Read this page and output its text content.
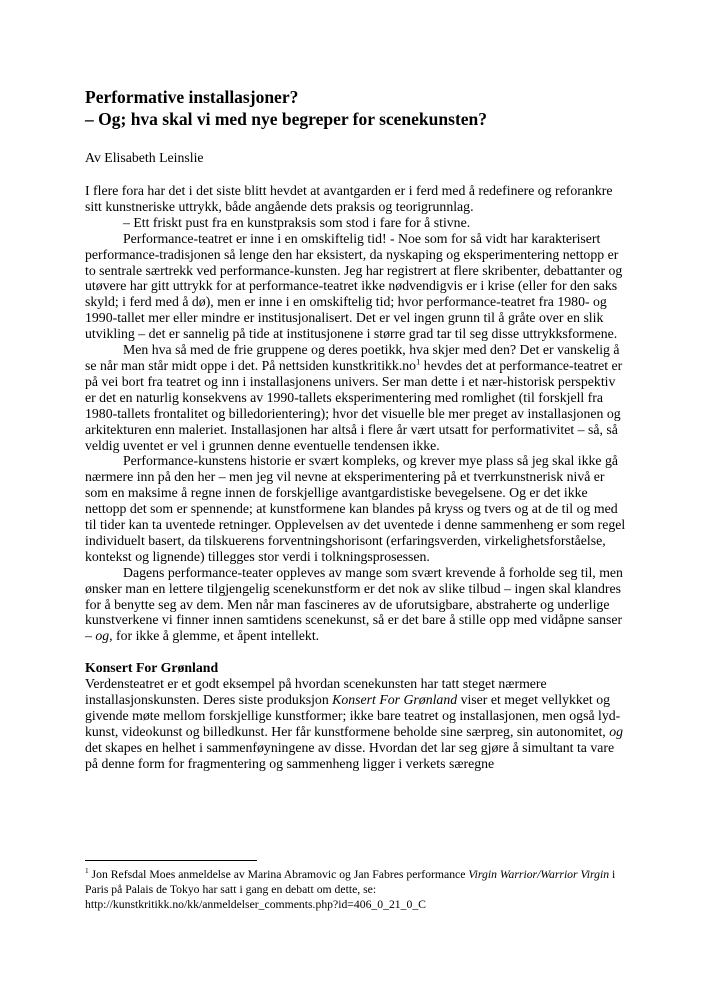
Performative installasjoner?
– Og; hva skal vi med nye begreper for scenekunsten?

Av Elisabeth Leinslie

I flere fora har det i det siste blitt hevdet at avantgarden er i ferd med å redefinere og reforankre sitt kunstneriske uttrykk, både angående dets praksis og teorigrunnlag.

– Ett friskt pust fra en kunstpraksis som stod i fare for å stivne.

Performance-teatret er inne i en omskiftelig tid! - Noe som for så vidt har karakterisert performance-tradisjonen så lenge den har eksistert, da nyskaping og eksperimentering nettopp er to sentrale særtrekk ved performance-kunsten. Jeg har registrert at flere skribenter, debattanter og utøvere har gitt uttrykk for at performance-teatret ikke nødvendigvis er i krise (eller for den saks skyld; i ferd med å dø), men er inne i en omskiftelig tid; hvor performance-teatret fra 1980- og 1990-tallet mer eller mindre er institusjonalisert. Det er vel ingen grunn til å gråte over en slik utvikling – det er sannelig på tide at institusjonene i større grad tar til seg disse uttrykksformene.

Men hva så med de frie gruppene og deres poetikk, hva skjer med den? Det er vanskelig å se når man står midt oppe i det. På nettsiden $kunstkritikk.no^1$ hevdes det at performance-teatret er på vei bort fra teatret og inn i installasjonens univers. Ser man dette i et nær-historisk perspektiv er det en naturlig konsekvens av 1990-tallets eksperimentering med romlighet (til forskjell fra 1980-tallets frontalitet og billedorientering); hvor det visuelle ble mer preget av installasjonen og arkitekturen enn maleriet. Installasjonen har altså i flere år vært utsatt for performativitet – så, så veldig uventet er vel i grunnen denne eventuelle tendensen ikke.

Performance-kunstens historie er svært kompleks, og krever mye plass så jeg skal ikke gå nærmere inn på den her – men jeg vil nevne at eksperimentering på et tverrkunstnerisk nivå er som en maksime å regne innen de forskjellige avantgardistiske bevegelsene. Og er det ikke nettopp det som er spennende; at kunstformene kan blandes på kryss og tvers og at de til og med til tider kan ta uventede retninger. Opplevelsen av det uventede i denne sammenheng er som regel individuelt basert, da tilskuerens forventningshorisont (erfaringsverden, virkelighetsforståelse, kontekst og lignende) tillegges stor verdi i tolkningsprosessen.

Dagens performance-teater oppleves av mange som svært krevende å forholde seg til, men ønsker man en lettere tilgjengelig scenekunstform er det nok av slike tilbud – ingen skal klandres for å benytte seg av dem. Men når man fascineres av de uforutsigbare, abstraherte og underlige kunstverkene vi finner innen samtidens scenekunst, så er det bare å stille opp med vidåpne sanser – og, for ikke å glemme, et åpent intellekt.

Konsert For Grønland

Verdensteatret er et godt eksempel på hvordan scenekunsten har tatt steget nærmere installasjonskunsten. Deres siste produksjon Konsert For Grønland viser et meget vellykket og givende møte mellom forskjellige kunstformer; ikke bare teatret og installasjonen, men også lyd-kunst, videokunst og billedkunst. Her får kunstformene beholde sine særpreg, sin autonomitet, og det skapes en helhet i sammenføyningene av disse. Hvordan det lar seg gjøre å simultant ta vare på denne form for fragmentering og sammenheng ligger i verkets særegne

$^1$ Jon Refsdal Moes anmeldelse av Marina Abramovic og Jan Fabres performance Virgin Warrior/Warrior Virgin i Paris på Palais de Tokyo har satt i gang en debatt om dette, se: http://kunstkritikk.no/kk/anmeldelser_comments.php?id=406_0_21_0_C
